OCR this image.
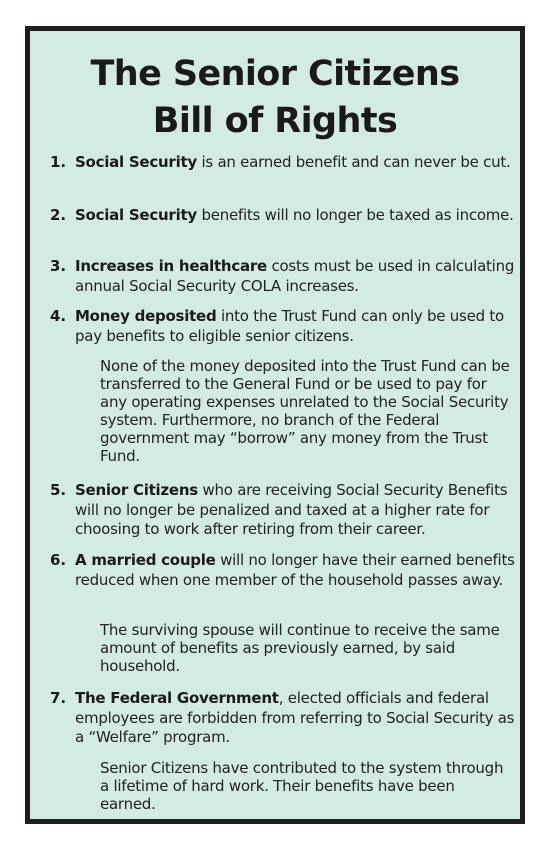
The Senior Citizens
Bill of Rights
1. Social Security is an earned benefit and can never be cut.
2. Social Security benefits will no longer be taxed as income.
3. Increases in healthcare costs must be used in calculating annual Social Security COLA increases.
4. Money deposited into the Trust Fund can only be used to pay benefits to eligible senior citizens.
None of the money deposited into the Trust Fund can be transferred to the General Fund or be used to pay for any operating expenses unrelated to the Social Security system. Furthermore, no branch of the Federal government may “borrow” any money from the Trust Fund.
5. Senior Citizens who are receiving Social Security Benefits will no longer be penalized and taxed at a higher rate for choosing to work after retiring from their career.
6. A married couple will no longer have their earned benefits reduced when one member of the household passes away.
The surviving spouse will continue to receive the same amount of benefits as previously earned, by said household.
7. The Federal Government, elected officials and federal employees are forbidden from referring to Social Security as a “Welfare” program.
Senior Citizens have contributed to the system through a lifetime of hard work. Their benefits have been earned.
